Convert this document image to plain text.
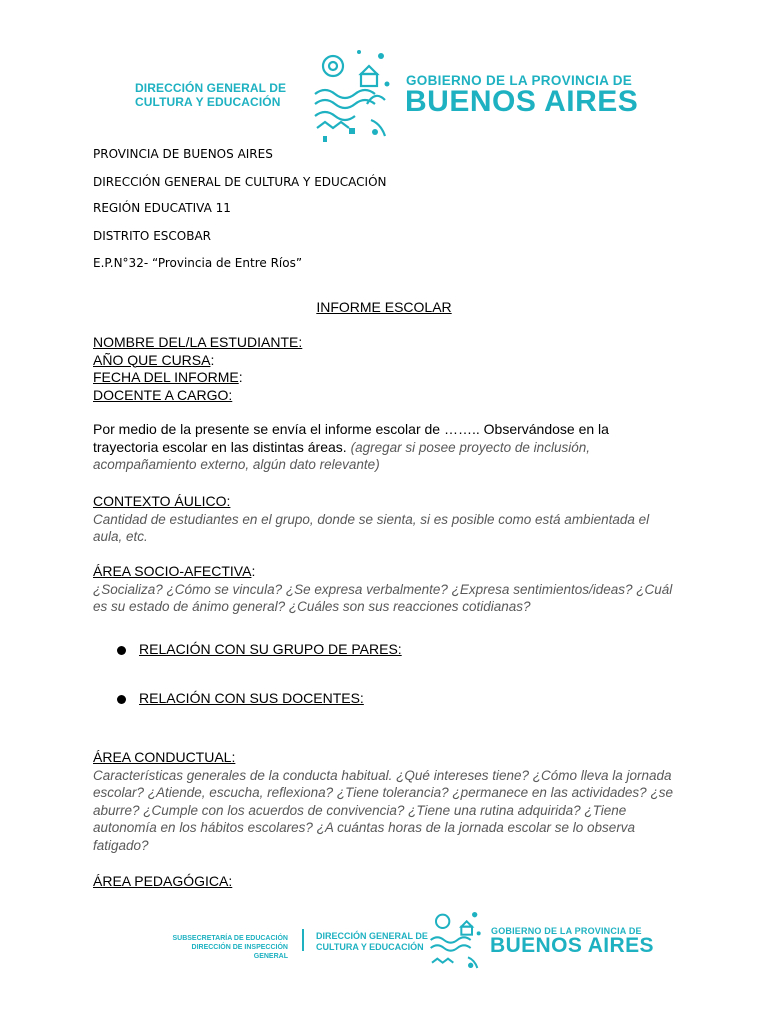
DIRECCIÓN GENERAL DE
CULTURA Y EDUCACIÓN
GOBIERNO DE LA PROVINCIA DE
BUENOS AIRES
PROVINCIA DE BUENOS AIRES
DIRECCIÓN GENERAL DE CULTURA Y EDUCACIÓN
REGIÓN EDUCATIVA 11
DISTRITO ESCOBAR
E.P.N°32- “Provincia de Entre Ríos”
INFORME ESCOLAR
NOMBRE DEL/LA ESTUDIANTE:
AÑO QUE CURSA:
FECHA DEL INFORME:
DOCENTE A CARGO:
Por medio de la presente se envía el informe escolar de …….. Observándose en la trayectoria escolar en las distintas áreas. (agregar si posee proyecto de inclusión, acompañamiento externo, algún dato relevante)
CONTEXTO ÁULICO:
Cantidad de estudiantes en el grupo, donde se sienta, si es posible como está ambientada el aula, etc.
ÁREA SOCIO-AFECTIVA:
¿Socializa? ¿Cómo se vincula? ¿Se expresa verbalmente? ¿Expresa sentimientos/ideas? ¿Cuál es su estado de ánimo general? ¿Cuáles son sus reacciones cotidianas?
RELACIÓN CON SU GRUPO DE PARES:
RELACIÓN CON SUS DOCENTES:
ÁREA CONDUCTUAL:
Características generales de la conducta habitual. ¿Qué intereses tiene? ¿Cómo lleva la jornada escolar? ¿Atiende, escucha, reflexiona? ¿Tiene tolerancia? ¿permanece en las actividades? ¿se aburre? ¿Cumple con los acuerdos de convivencia? ¿Tiene una rutina adquirida? ¿Tiene autonomía en los hábitos escolares? ¿A cuántas horas de la jornada escolar se lo observa fatigado?
ÁREA PEDAGÓGICA:
SUBSECRETARÍA DE EDUCACIÓN
DIRECCIÓN DE INSPECCIÓN GENERAL
DIRECCIÓN GENERAL DE
CULTURA Y EDUCACIÓN
GOBIERNO DE LA PROVINCIA DE
BUENOS AIRES
